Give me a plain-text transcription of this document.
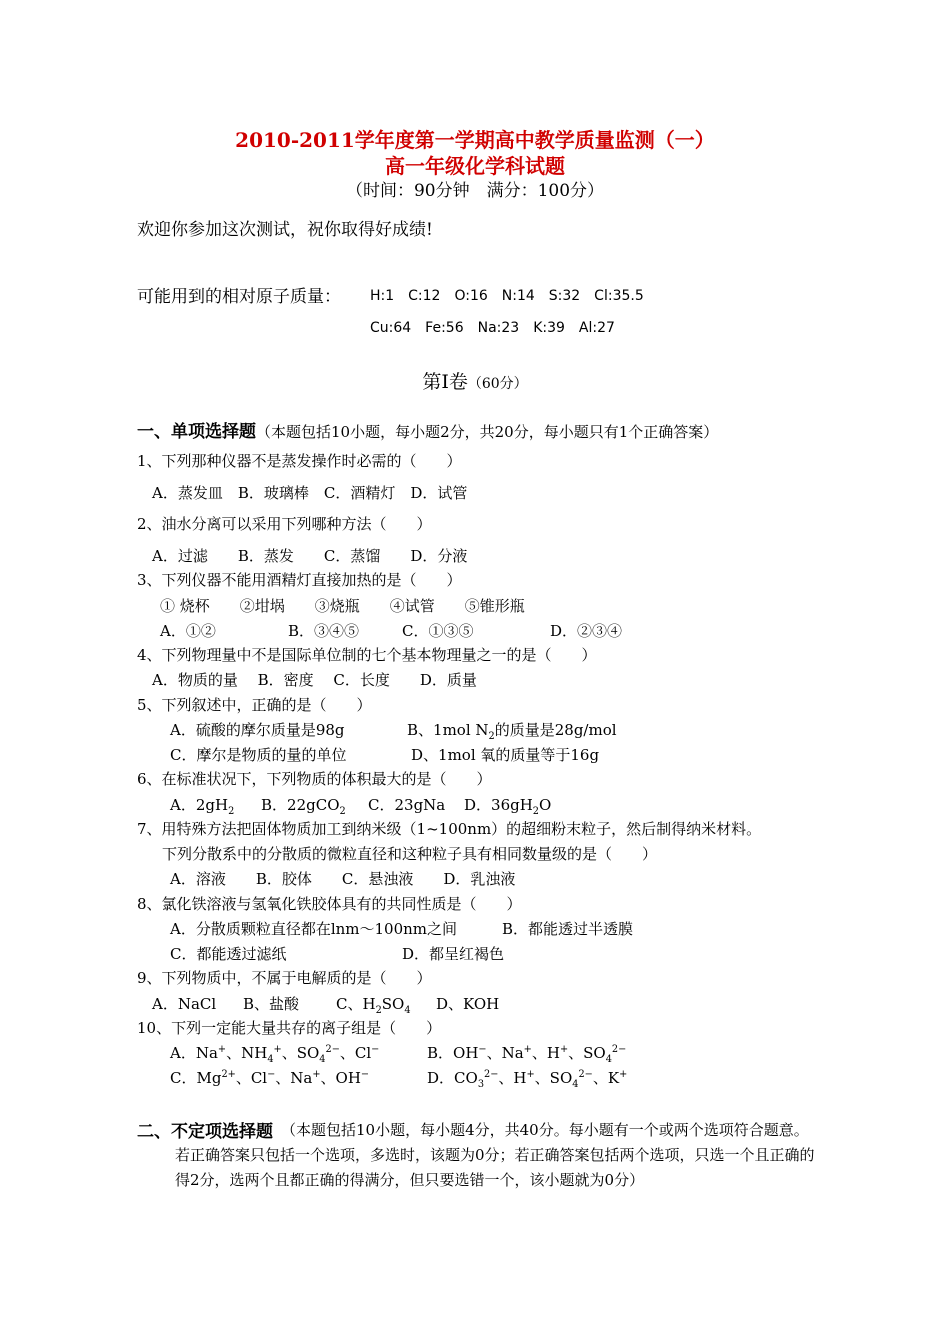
2010-2011学年度第一学期高中教学质量监测（一）
高一年级化学科试题
（时间：90分钟　满分：100分）
欢迎你参加这次测试，祝你取得好成绩!
可能用到的相对原子质量： H:1　C:12　O:16　N:14　S:32　Cl:35.5
Cu:64　Fe:56　Na:23　K:39　Al:27
第Ⅰ卷（60分）
一、单项选择题（本题包括10小题，每小题2分，共20分，每小题只有1个正确答案）
1、下列那种仪器不是蒸发操作时必需的（　　）
A．蒸发皿　B．玻璃棒　C．酒精灯　D．试管
2、油水分离可以采用下列哪种方法（　　）
A．过滤　　B．蒸发　　C．蒸馏　　D．分液
3、下列仪器不能用酒精灯直接加热的是（　　）
① 烧杯　　②坩埚　　③烧瓶　　④试管　　⑤锥形瓶
A．①②	B．③④⑤	C．①③⑤	D．②③④
4、下列物理量中不是国际单位制的七个基本物理量之一的是（　　）
A．物质的量　 B．密度　 C．长度　　D．质量
5、下列叙述中，正确的是（　　）
A．硫酸的摩尔质量是98g	B、1mol $N_2$的质量是28g/mol
C．摩尔是物质的量的单位	D、1mol 氧的质量等于16g
6、在标准状况下，下列物质的体积最大的是（　　）
A．$2gH_2$ B．22gCO$_2$ C．23gNa D．$36gH_2O$
7、用特殊方法把固体物质加工到纳米级（1~100nm）的超细粉末粒子，然后制得纳米材料。
下列分散系中的分散质的微粒直径和这种粒子具有相同数量级的是（　　）
A．溶液　　B．胶体　　C．悬浊液　　D．乳浊液
8、氯化铁溶液与氢氧化铁胶体具有的共同性质是（　　）
A．分散质颗粒直径都在lnm～100nm之间	B．都能透过半透膜
C．都能透过滤纸	D．都呈红褐色
9、下列物质中，不属于电解质的是（　　）
A．NaCl B、盐酸 C、$H_2SO_4$ D、KOH
10、下列一定能大量共存的离子组是（　　）
A．Na+、$NH_4^+$、$SO_4^{2-}$、Cl−	B．OH−、Na+、H+、$SO_4^{2-}$
C．$Mg^{2+}$、Cl−、Na+、OH−	D．$CO_3^{2-}$、H+、$SO_4^{2-}$、K+
二、不定项选择题 （本题包括10小题，每小题4分，共40分。每小题有一个或两个选项符合题意。若正确答案只包括一个选项，多选时，该题为0分；若正确答案包括两个选项，只选一个且正确的得2分，选两个且都正确的得满分，但只要选错一个，该小题就为0分）
